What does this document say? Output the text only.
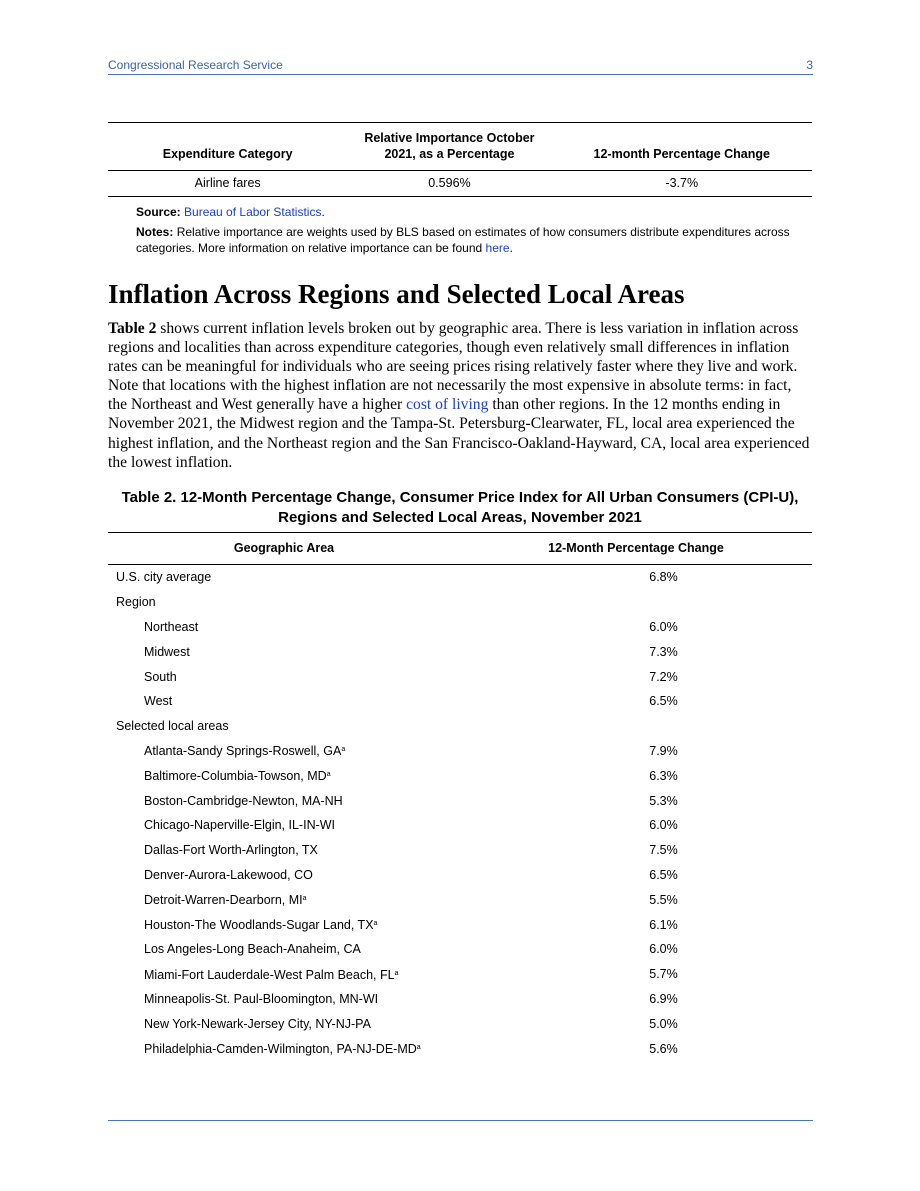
Congressional Research Service	3
Expenditure Category	Relative Importance October 2021, as a Percentage	12-month Percentage Change
Airline fares	0.596%	-3.7%

Source: Bureau of Labor Statistics.

Notes: Relative importance are weights used by BLS based on estimates of how consumers distribute expenditures across categories. More information on relative importance can be found here.

Inflation Across Regions and Selected Local Areas

Table 2 shows current inflation levels broken out by geographic area. There is less variation in inflation across regions and localities than across expenditure categories, though even relatively small differences in inflation rates can be meaningful for individuals who are seeing prices rising relatively faster where they live and work. Note that locations with the highest inflation are not necessarily the most expensive in absolute terms: in fact, the Northeast and West generally have a higher cost of living than other regions. In the 12 months ending in November 2021, the Midwest region and the Tampa-St. Petersburg-Clearwater, FL, local area experienced the highest inflation, and the Northeast region and the San Francisco-Oakland-Hayward, CA, local area experienced the lowest inflation.

Table 2. 12-Month Percentage Change, Consumer Price Index for All Urban Consumers (CPI-U), Regions and Selected Local Areas, November 2021
Geographic Area	12-Month Percentage Change
U.S. city average	6.8%
Region	
Northeast	6.0%
Midwest	7.3%
South	7.2%
West	6.5%
Selected local areas	
Atlanta-Sandy Springs-Roswell, $GA^a$	7.9%
Baltimore-Columbia-Towson, $MD^a$	6.3%
Boston-Cambridge-Newton, MA-NH	5.3%
Chicago-Naperville-Elgin, IL-IN-WI	6.0%
Dallas-Fort Worth-Arlington, TX	7.5%
Denver-Aurora-Lakewood, CO	6.5%
Detroit-Warren-Dearborn, $MI^a$	5.5%
Houston-The Woodlands-Sugar Land, $TX^a$	6.1%
Los Angeles-Long Beach-Anaheim, CA	6.0%
Miami-Fort Lauderdale-West Palm Beach, $FL^a$	5.7%
Minneapolis-St. Paul-Bloomington, MN-WI	6.9%
New York-Newark-Jersey City, NY-NJ-PA	5.0%
Philadelphia-Camden-Wilmington, $PA-NJ-DE-MD^a$	5.6%
